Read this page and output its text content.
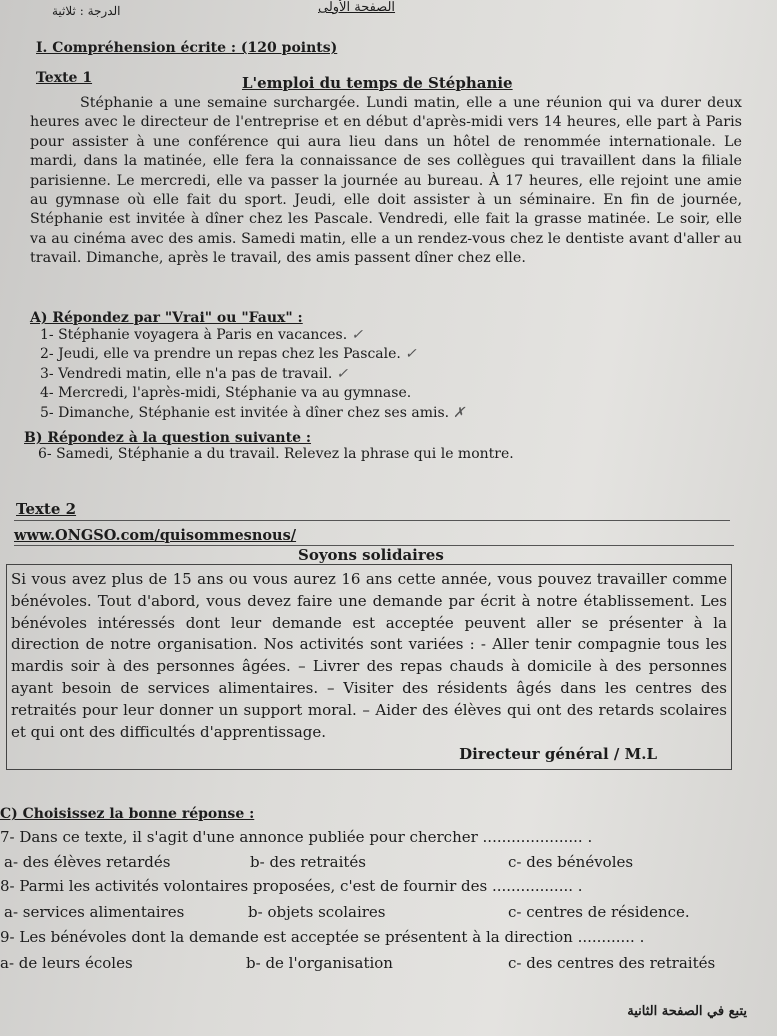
الدرجة : ثلاثية	الصفحة الأولى
I. Compréhension écrite : (120 points)
Texte 1	L'emploi du temps de Stéphanie
Stéphanie a une semaine surchargée. Lundi matin, elle a une réunion qui va durer deux heures avec le directeur de l'entreprise et en début d'après-midi vers 14 heures, elle part à Paris pour assister à une conférence qui aura lieu dans un hôtel de renommée internationale. Le mardi, dans la matinée, elle fera la connaissance de ses collègues qui travaillent dans la filiale parisienne. Le mercredi, elle va passer la journée au bureau. À 17 heures, elle rejoint une amie au gymnase où elle fait du sport. Jeudi, elle doit assister à un séminaire. En fin de journée, Stéphanie est invitée à dîner chez les Pascale. Vendredi, elle fait la grasse matinée. Le soir, elle va au cinéma avec des amis. Samedi matin, elle a un rendez-vous chez le dentiste avant d'aller au travail. Dimanche, après le travail, des amis passent dîner chez elle.
A) Répondez par "Vrai" ou "Faux" :
1- Stéphanie voyagera à Paris en vacances. ✓
2- Jeudi, elle va prendre un repas chez les Pascale. ✓
3- Vendredi matin, elle n'a pas de travail. ✓
4- Mercredi, l'après-midi, Stéphanie va au gymnase.
5- Dimanche, Stéphanie est invitée à dîner chez ses amis. ✗
B) Répondez à la question suivante :
6- Samedi, Stéphanie a du travail. Relevez la phrase qui le montre.
Texte 2
www.ONGSO.com/quisommesnous/
Soyons solidaires
Si vous avez plus de 15 ans ou vous aurez 16 ans cette année, vous pouvez travailler comme bénévoles. Tout d'abord, vous devez faire une demande par écrit à notre établissement. Les bénévoles intéressés dont leur demande est acceptée peuvent aller se présenter à la direction de notre organisation. Nos activités sont variées : - Aller tenir compagnie tous les mardis soir à des personnes âgées. – Livrer des repas chauds à domicile à des personnes ayant besoin de services alimentaires. – Visiter des résidents âgés dans les centres des retraités pour leur donner un support moral. – Aider des élèves qui ont des retards scolaires et qui ont des difficultés d'apprentissage.
Directeur général / M.L
C) Choisissez la bonne réponse :
7- Dans ce texte, il s'agit d'une annonce publiée pour chercher ..................... .
a- des élèves retardés	b- des retraités	c- des bénévoles
8- Parmi les activités volontaires proposées, c'est de fournir des ................. .
a- services alimentaires	b- objets scolaires	c- centres de résidence.
9- Les bénévoles dont la demande est acceptée se présentent à la direction ............ .
a- de leurs écoles	b- de l'organisation	c- des centres des retraités
يتبع في الصفحة الثانية
